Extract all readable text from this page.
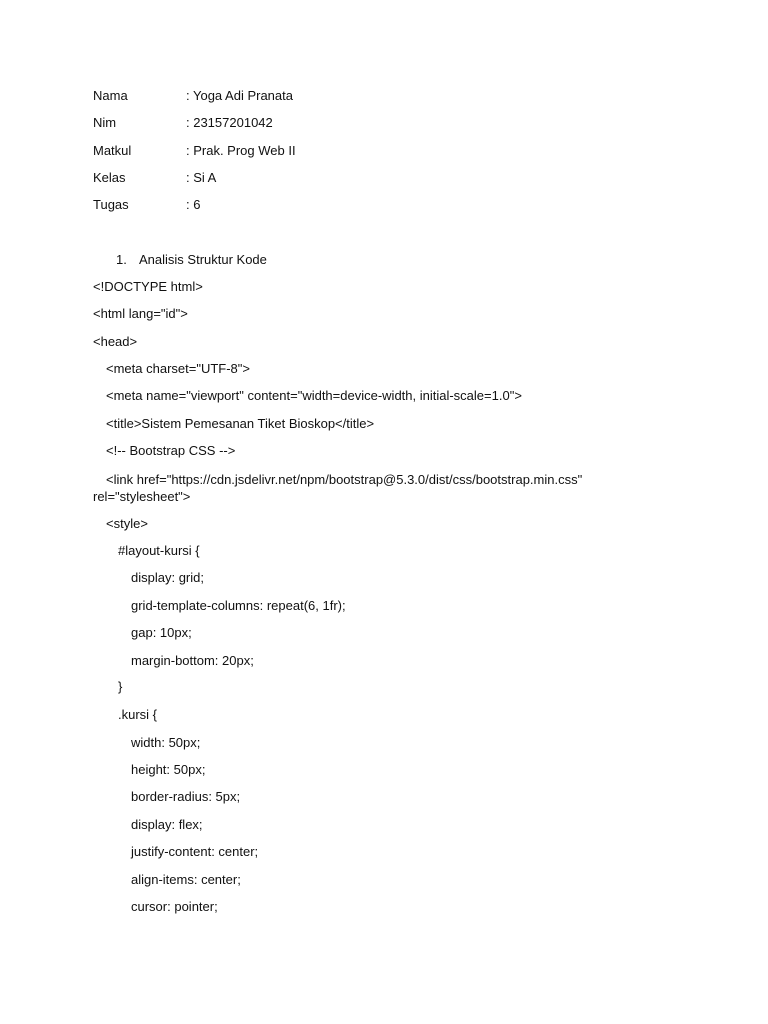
Nama	: Yoga Adi Pranata
Nim	: 23157201042
Matkul	: Prak. Prog Web II
Kelas	: Si A
Tugas	: 6
1. Analisis Struktur Kode
<!DOCTYPE html>
<html lang="id">
<head>
<meta charset="UTF-8">
<meta name="viewport" content="width=device-width, initial-scale=1.0">
<title>Sistem Pemesanan Tiket Bioskop</title>
<!-- Bootstrap CSS -->
<link href="https://cdn.jsdelivr.net/npm/bootstrap@5.3.0/dist/css/bootstrap.min.css" rel="stylesheet">
<style>
#layout-kursi {
display: grid;
grid-template-columns: repeat(6, 1fr);
gap: 10px;
margin-bottom: 20px;
}
.kursi {
width: 50px;
height: 50px;
border-radius: 5px;
display: flex;
justify-content: center;
align-items: center;
cursor: pointer;
